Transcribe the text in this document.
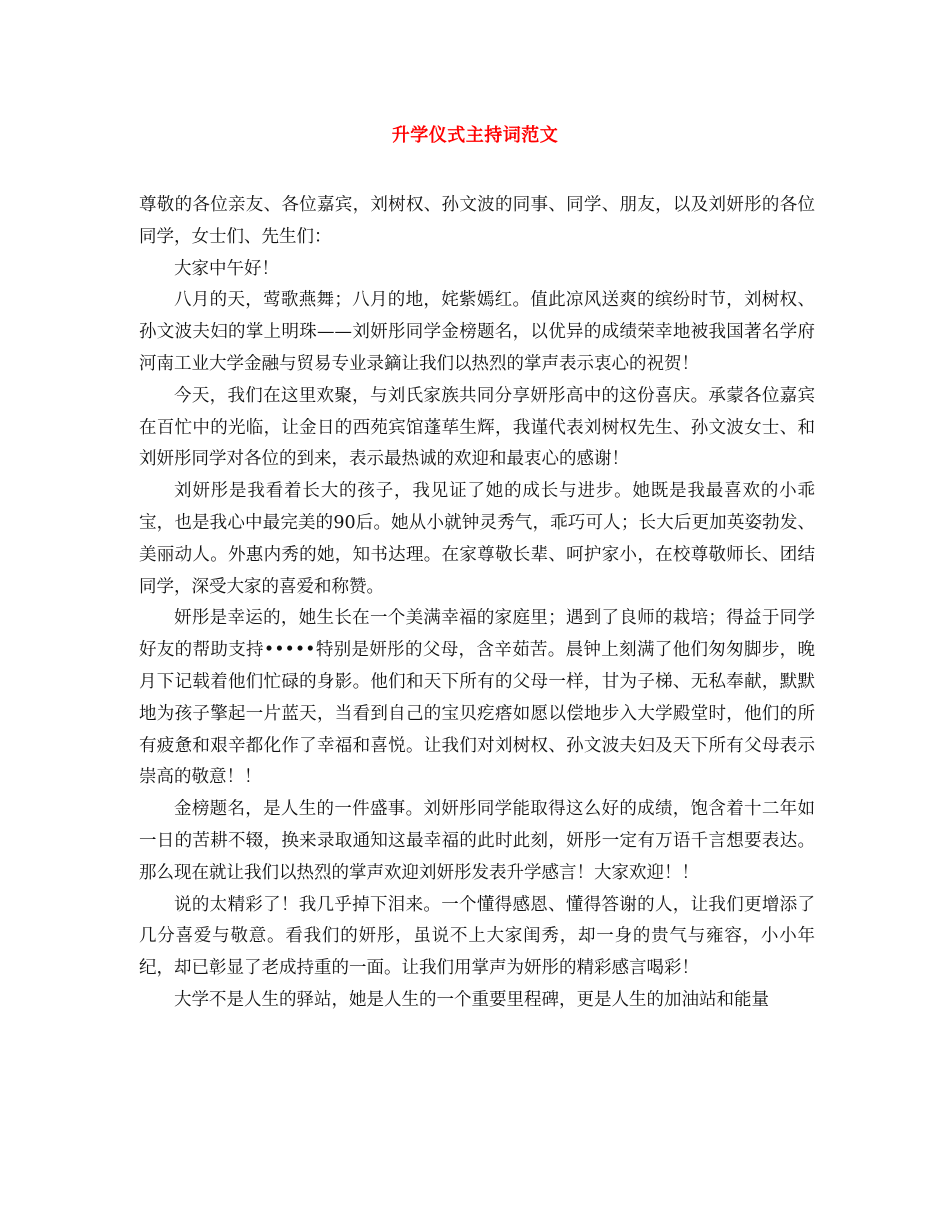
升学仪式主持词范文

尊敬的各位亲友、各位嘉宾，刘树权、孙文波的同事、同学、朋友，以及刘妍彤的各位同学，女士们、先生们：

大家中午好！

八月的天，莺歌燕舞；八月的地，姹紫嫣红。值此凉风送爽的缤纷时节，刘树权、孙文波夫妇的掌上明珠——刘妍彤同学金榜题名，以优异的成绩荣幸地被我国著名学府河南工业大学金融与贸易专业录鏑让我们以热烈的掌声表示衷心的祝贺！

今天，我们在这里欢聚，与刘氏家族共同分享妍彤高中的这份喜庆。承蒙各位嘉宾在百忙中的光临，让金日的西苑宾馆蓬荜生辉，我谨代表刘树权先生、孙文波女士、和刘妍彤同学对各位的到来，表示最热诚的欢迎和最衷心的感谢！

刘妍彤是我看着长大的孩子，我见证了她的成长与进步。她既是我最喜欢的小乖宝，也是我心中最完美的90后。她从小就钟灵秀气，乖巧可人；长大后更加英姿勃发、美丽动人。外惠内秀的她，知书达理。在家尊敬长辈、呵护家小，在校尊敬师长、团结同学，深受大家的喜爱和称赞。

妍彤是幸运的，她生长在一个美满幸福的家庭里；遇到了良师的栽培；得益于同学好友的帮助支持•••••特别是妍彤的父母，含辛茹苦。晨钟上刻满了他们匆匆脚步，晚月下记载着他们忙碌的身影。他们和天下所有的父母一样，甘为子梯、无私奉献，默默地为孩子擎起一片蓝天，当看到自己的宝贝疙瘩如愿以偿地步入大学殿堂时，他们的所有疲惫和艰辛都化作了幸福和喜悦。让我们对刘树权、孙文波夫妇及天下所有父母表示崇高的敬意！！

金榜题名，是人生的一件盛事。刘妍彤同学能取得这么好的成绩，饱含着十二年如一日的苦耕不辍，换来录取通知这最幸福的此时此刻，妍彤一定有万语千言想要表达。那么现在就让我们以热烈的掌声欢迎刘妍彤发表升学感言！大家欢迎！！

说的太精彩了！我几乎掉下泪来。一个懂得感恩、懂得答谢的人，让我们更增添了几分喜爱与敬意。看我们的妍彤，虽说不上大家闺秀，却一身的贵气与雍容，小小年纪，却已彰显了老成持重的一面。让我们用掌声为妍彤的精彩感言喝彩！

大学不是人生的驿站，她是人生的一个重要里程碑，更是人生的加油站和能量
